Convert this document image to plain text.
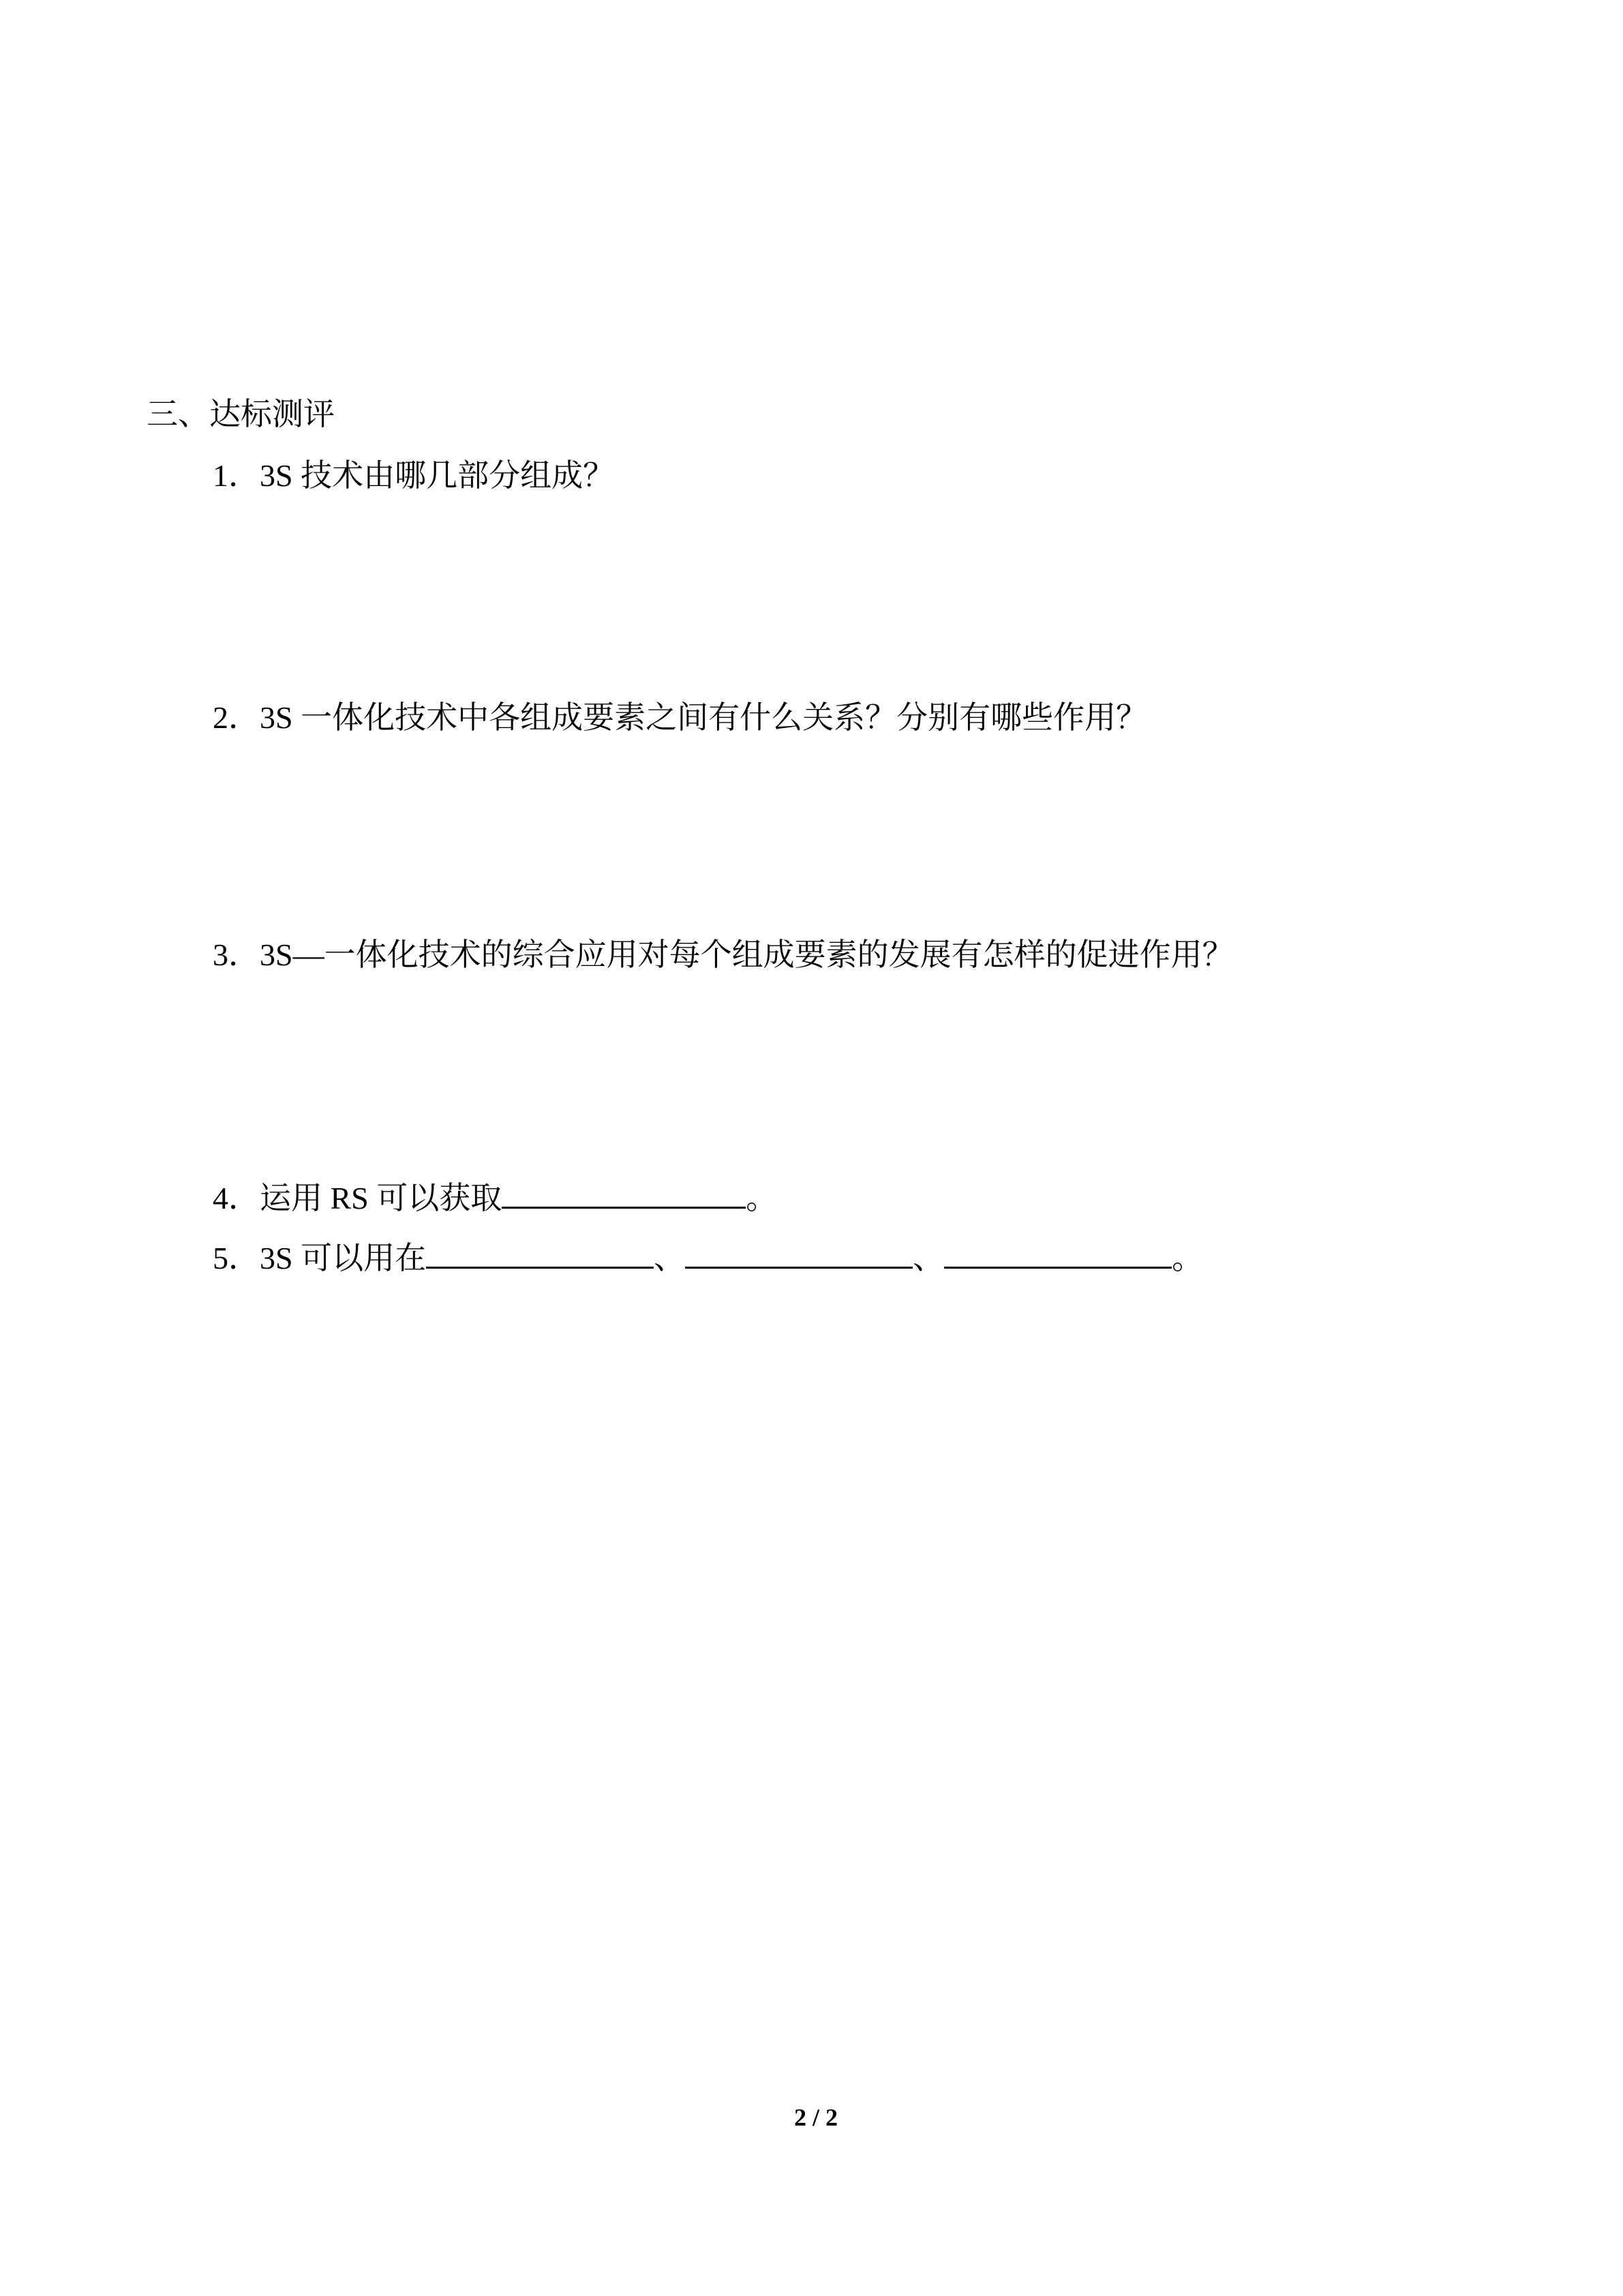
三、达标测评
1．3S 技术由哪几部分组成？
2．3S 一体化技术中各组成要素之间有什么关系？分别有哪些作用？
3．3S—一体化技术的综合应用对每个组成要素的发展有怎样的促进作用？
4．运用 RS 可以获取	。
5．3S 可以用在	、	、	。
2 / 2
